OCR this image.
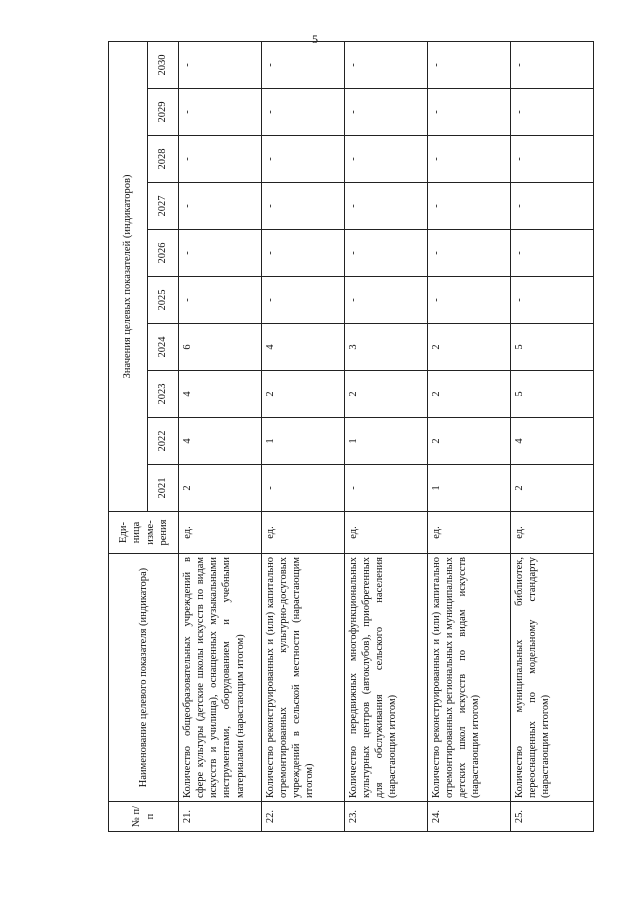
5
№ п/п	Наименование целевого показателя (индикатора)	Еди-ница изме-рения	Значения целевых показателей (индикаторов)									
			2021	2022	2023	2024	2025	2026	2027	2028	2029	2030
21.	Количество общеобразовательных учреждений в сфере культуры (детские школы искусств по видам искусств и училища), оснащенных музыкальными инструментами, оборудованием и учебными материалами (нарастающим итогом)	ед.	2	4	4	6	-	-	-	-	-	-
22.	Количество реконструированных и (или) капитально отремонтированных культурно-досуговых учреждений в сельской местности (нарастающим итогом)	ед.	-	1	2	4	-	-	-	-	-	-
23.	Количество передвижных многофункциональных культурных центров (автоклубов), приобретенных для обслуживания сельского населения (нарастающим итогом)	ед.	-	1	2	3	-	-	-	-	-	-
24.	Количество реконструированных и (или) капитально отремонтированных региональных и муниципальных детских школ искусств по видам искусств (нарастающим итогом)	ед.	1	2	2	2	-	-	-	-	-	-
25.	Количество муниципальных библиотек, переоснащенных по модельному стандарту (нарастающим итогом)	ед.	2	4	5	5	-	-	-	-	-	-
